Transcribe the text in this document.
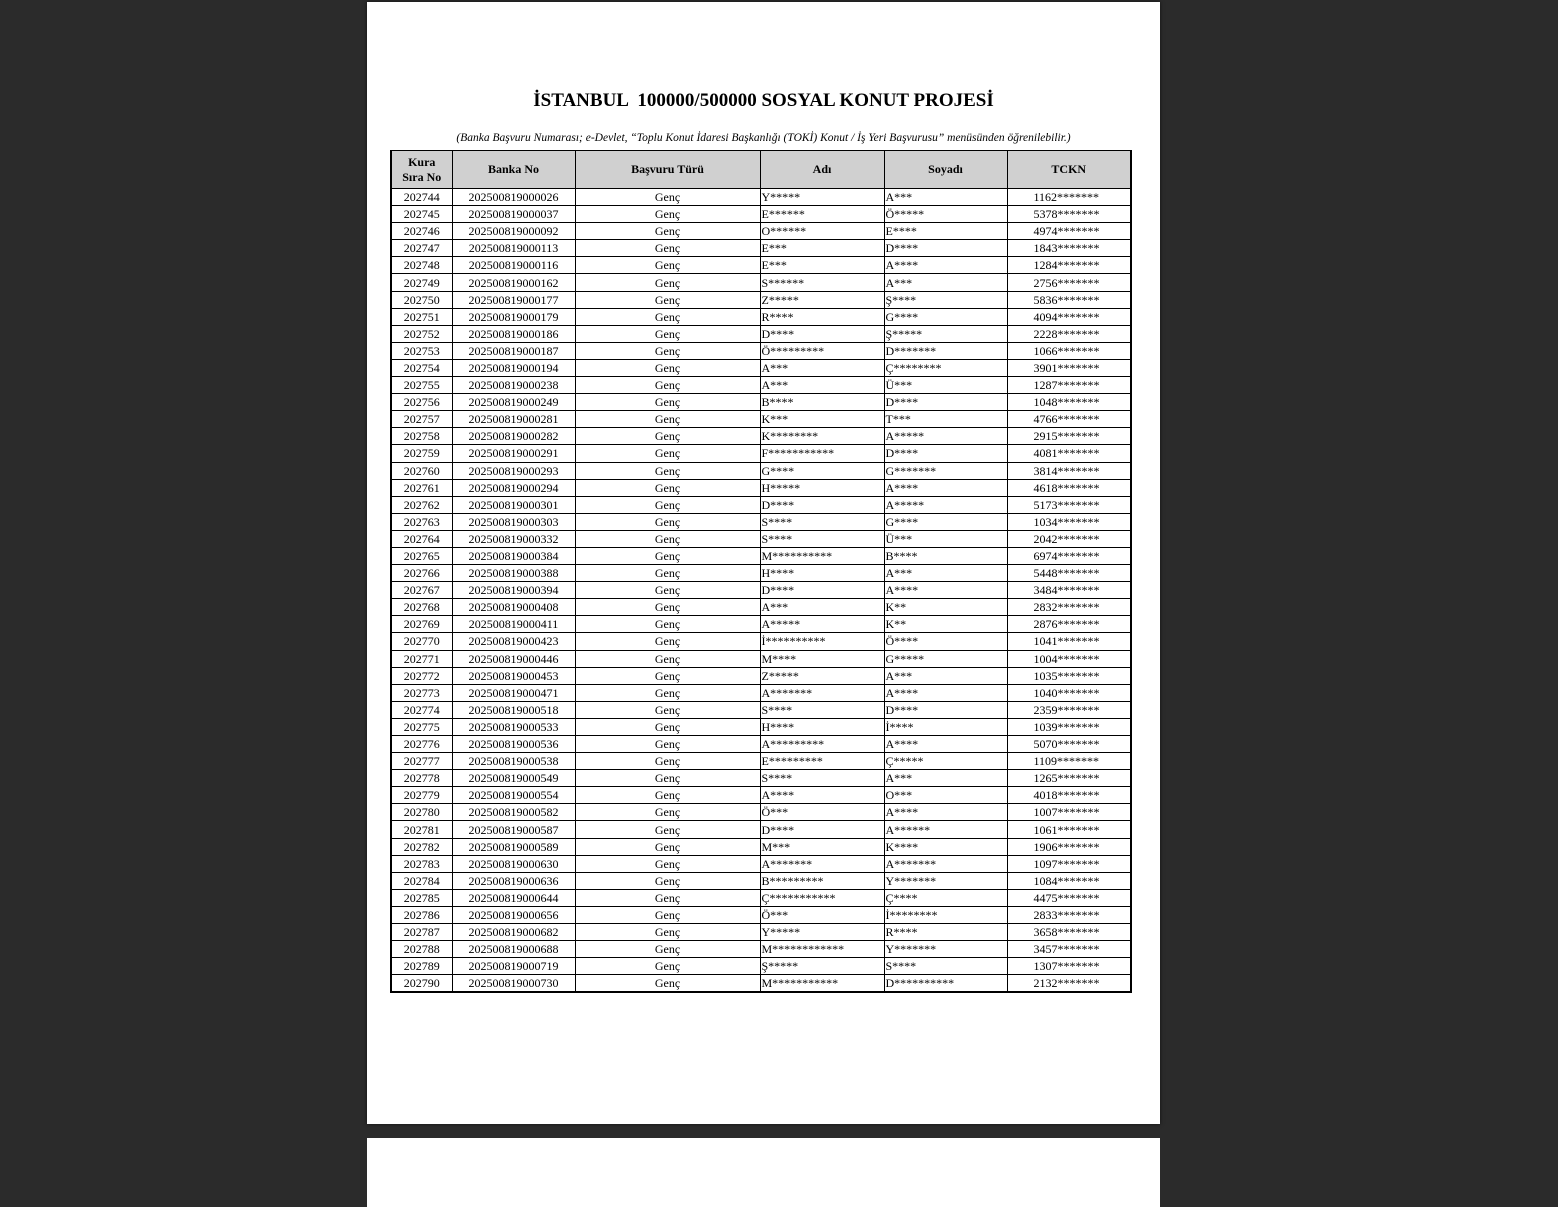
İSTANBUL  100000/500000 SOSYAL KONUT PROJESİ
(Banka Başvuru Numarası; e-Devlet, “Toplu Konut İdaresi Başkanlığı (TOKİ) Konut / İş Yeri Başvurusu” menüsünden öğrenilebilir.)
Kura
Sıra No	Banka No	Başvuru Türü	Adı	Soyadı	TCKN
202744	202500819000026	Genç	Y*****	A***	1162*******
202745	202500819000037	Genç	E******	Ö*****	5378*******
202746	202500819000092	Genç	O******	E****	4974*******
202747	202500819000113	Genç	E***	D****	1843*******
202748	202500819000116	Genç	E***	A****	1284*******
202749	202500819000162	Genç	S******	A***	2756*******
202750	202500819000177	Genç	Z*****	Ş****	5836*******
202751	202500819000179	Genç	R****	G****	4094*******
202752	202500819000186	Genç	D****	Ş*****	2228*******
202753	202500819000187	Genç	Ö*********	D*******	1066*******
202754	202500819000194	Genç	A***	Ç********	3901*******
202755	202500819000238	Genç	A***	Ü***	1287*******
202756	202500819000249	Genç	B****	D****	1048*******
202757	202500819000281	Genç	K***	T***	4766*******
202758	202500819000282	Genç	K********	A*****	2915*******
202759	202500819000291	Genç	F***********	D****	4081*******
202760	202500819000293	Genç	G****	G*******	3814*******
202761	202500819000294	Genç	H*****	A****	4618*******
202762	202500819000301	Genç	D****	A*****	5173*******
202763	202500819000303	Genç	S****	G****	1034*******
202764	202500819000332	Genç	S****	Ü***	2042*******
202765	202500819000384	Genç	M**********	B****	6974*******
202766	202500819000388	Genç	H****	A***	5448*******
202767	202500819000394	Genç	D****	A****	3484*******
202768	202500819000408	Genç	A***	K**	2832*******
202769	202500819000411	Genç	A*****	K**	2876*******
202770	202500819000423	Genç	İ**********	Ö****	1041*******
202771	202500819000446	Genç	M****	G*****	1004*******
202772	202500819000453	Genç	Z*****	A***	1035*******
202773	202500819000471	Genç	A*******	A****	1040*******
202774	202500819000518	Genç	S****	D****	2359*******
202775	202500819000533	Genç	H****	İ****	1039*******
202776	202500819000536	Genç	A*********	A****	5070*******
202777	202500819000538	Genç	E*********	Ç*****	1109*******
202778	202500819000549	Genç	S****	A***	1265*******
202779	202500819000554	Genç	A****	O***	4018*******
202780	202500819000582	Genç	Ö***	A****	1007*******
202781	202500819000587	Genç	D****	A******	1061*******
202782	202500819000589	Genç	M***	K****	1906*******
202783	202500819000630	Genç	A*******	A*******	1097*******
202784	202500819000636	Genç	B*********	Y*******	1084*******
202785	202500819000644	Genç	Ç***********	Ç****	4475*******
202786	202500819000656	Genç	Ö***	İ********	2833*******
202787	202500819000682	Genç	Y*****	R****	3658*******
202788	202500819000688	Genç	M************	Y*******	3457*******
202789	202500819000719	Genç	Ş*****	S****	1307*******
202790	202500819000730	Genç	M***********	D**********	2132*******
